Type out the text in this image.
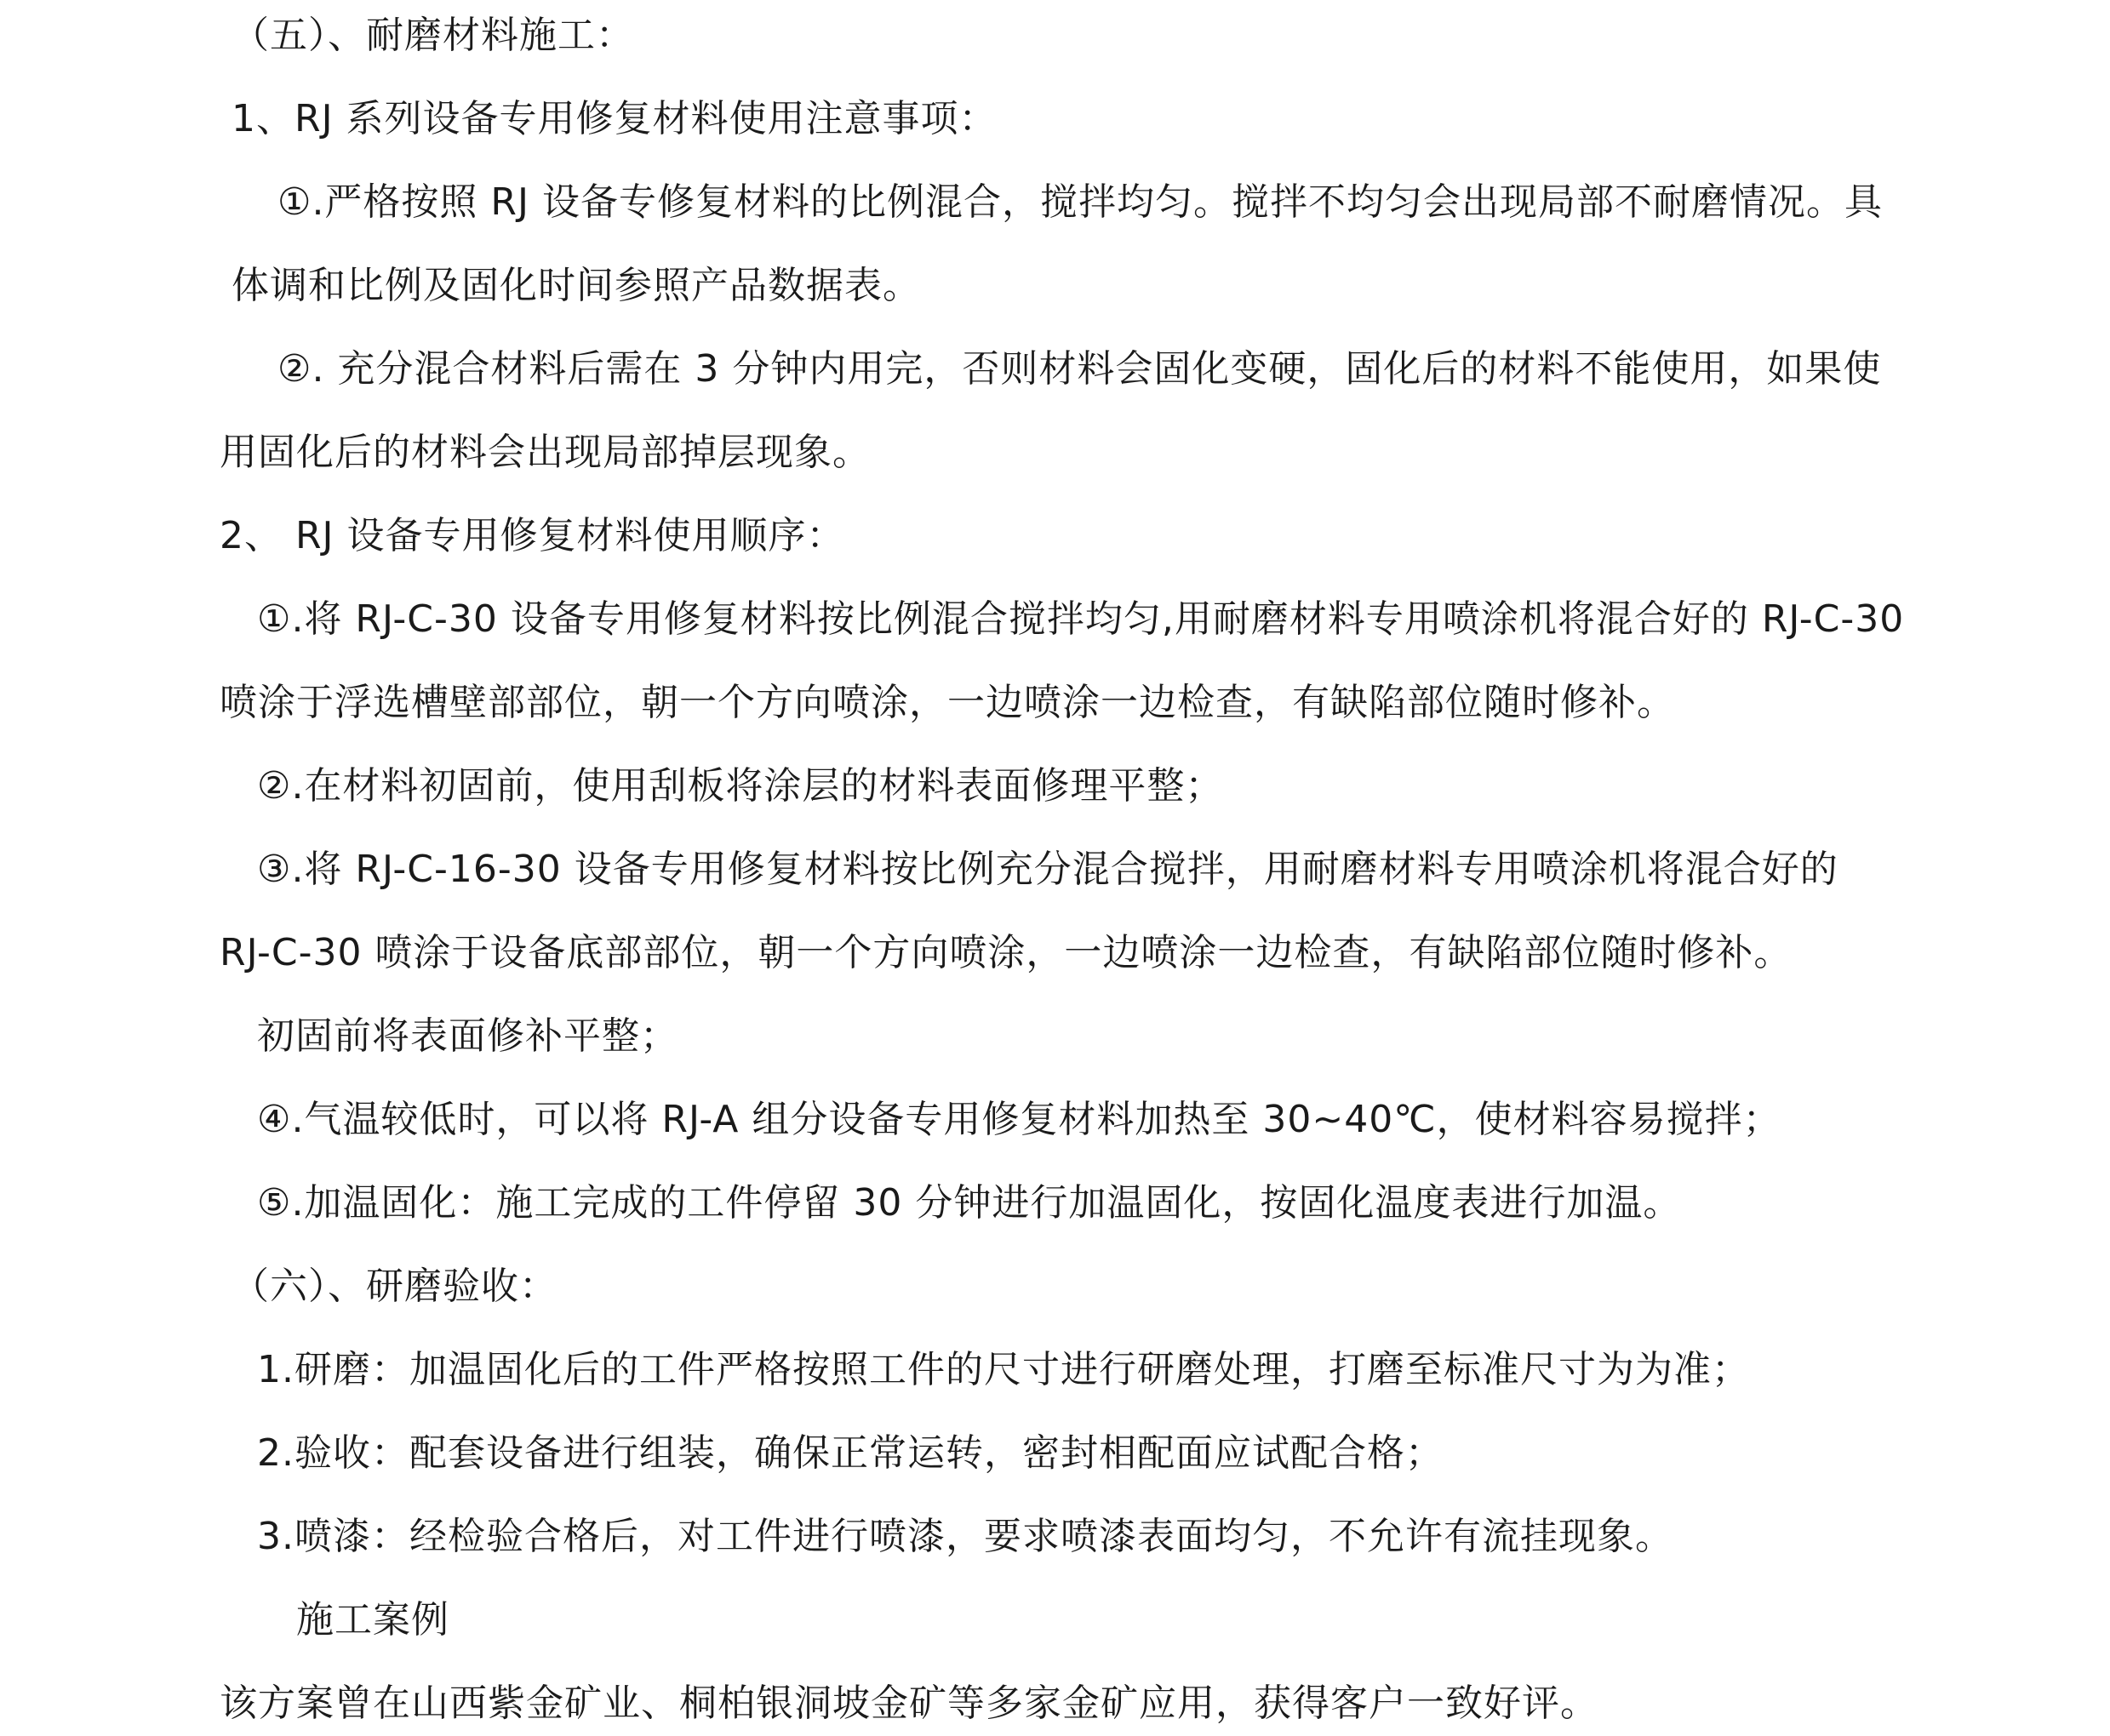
（五）、耐磨材料施工：
1、RJ 系列设备专用修复材料使用注意事项：
①.严格按照 RJ 设备专修复材料的比例混合，搅拌均匀。搅拌不均匀会出现局部不耐磨情况。具
体调和比例及固化时间参照产品数据表。
②. 充分混合材料后需在 3 分钟内用完，否则材料会固化变硬，固化后的材料不能使用，如果使
用固化后的材料会出现局部掉层现象。
2、 RJ 设备专用修复材料使用顺序：
①.将 RJ-C-30 设备专用修复材料按比例混合搅拌均匀,用耐磨材料专用喷涂机将混合好的 RJ-C-30
喷涂于浮选槽壁部部位，朝一个方向喷涂，一边喷涂一边检查，有缺陷部位随时修补。
②.在材料初固前，使用刮板将涂层的材料表面修理平整；
③.将 RJ-C-16-30 设备专用修复材料按比例充分混合搅拌，用耐磨材料专用喷涂机将混合好的
RJ-C-30 喷涂于设备底部部位，朝一个方向喷涂，一边喷涂一边检查，有缺陷部位随时修补。
初固前将表面修补平整；
④.气温较低时，可以将 RJ-A 组分设备专用修复材料加热至 30~40℃，使材料容易搅拌；
⑤.加温固化：施工完成的工件停留 30 分钟进行加温固化，按固化温度表进行加温。
（六）、研磨验收：
1.研磨：加温固化后的工件严格按照工件的尺寸进行研磨处理，打磨至标准尺寸为为准；
2.验收：配套设备进行组装，确保正常运转，密封相配面应试配合格；
3.喷漆：经检验合格后，对工件进行喷漆，要求喷漆表面均匀，不允许有流挂现象。
施工案例
该方案曾在山西紫金矿业、桐柏银洞坡金矿等多家金矿应用，获得客户一致好评。
